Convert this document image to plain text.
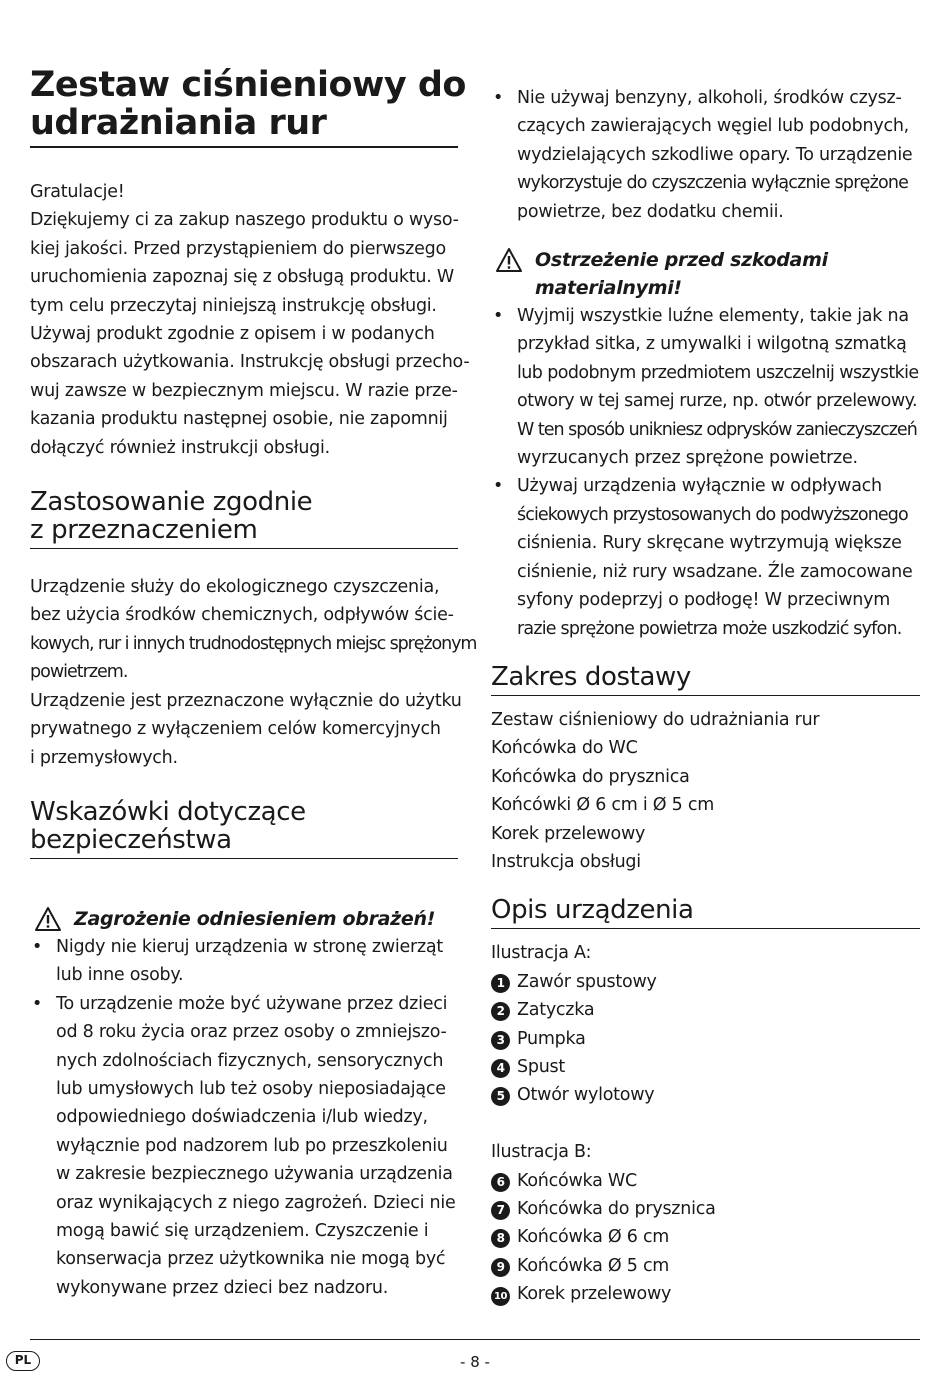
Zestaw ciśnieniowy do
udrażniania rur

Gratulacje!
Dziękujemy ci za zakup naszego produktu o wyso-
kiej jakości. Przed przystąpieniem do pierwszego
uruchomienia zapoznaj się z obsługą produktu. W
tym celu przeczytaj niniejszą instrukcję obsługi.
Używaj produkt zgodnie z opisem i w podanych
obszarach użytkowania. Instrukcję obsługi przecho-
wuj zawsze w bezpiecznym miejscu. W razie prze-
kazania produktu następnej osobie, nie zapomnij
dołączyć również instrukcji obsługi.

Zastosowanie zgodnie
z przeznaczeniem

Urządzenie służy do ekologicznego czyszczenia,
bez użycia środków chemicznych, odpływów ście-
kowych, rur i innych trudnodostępnych miejsc sprężonym
powietrzem.
Urządzenie jest przeznaczone wyłącznie do użytku
prywatnego z wyłączeniem celów komercyjnych
i przemysłowych.

Wskazówki dotyczące
bezpieczeństwa

Zagrożenie odniesieniem obrażeń!

• Nigdy nie kieruj urządzenia w stronę zwierząt
lub inne osoby.
• To urządzenie może być używane przez dzieci
od 8 roku życia oraz przez osoby o zmniejszo-
nych zdolnościach fizycznych, sensorycznych
lub umysłowych lub też osoby nieposiadające
odpowiedniego doświadczenia i/lub wiedzy,
wyłącznie pod nadzorem lub po przeszkoleniu
w zakresie bezpiecznego używania urządzenia
oraz wynikających z niego zagrożeń. Dzieci nie
mogą bawić się urządzeniem. Czyszczenie i
konserwacja przez użytkownika nie mogą być
wykonywane przez dzieci bez nadzoru.
• Nie używaj benzyny, alkoholi, środków czysz-
czących zawierających węgiel lub podobnych,
wydzielających szkodliwe opary. To urządzenie
wykorzystuje do czyszczenia wyłącznie sprężone
powietrze, bez dodatku chemii.

Ostrzeżenie przed szkodami
materialnymi!

• Wyjmij wszystkie luźne elementy, takie jak na
przykład sitka, z umywalki i wilgotną szmatką
lub podobnym przedmiotem uszczelnij wszystkie
otwory w tej samej rurze, np. otwór przelewowy.
W ten sposób unikniesz odprysków zanieczyszczeń
wyrzucanych przez sprężone powietrze.
• Używaj urządzenia wyłącznie w odpływach
ściekowych przystosowanych do podwyższonego
ciśnienia. Rury skręcane wytrzymują większe
ciśnienie, niż rury wsadzane. Źle zamocowane
syfony podeprzyj o podłogę! W przeciwnym
razie sprężone powietrza może uszkodzić syfon.
Zakres dostawy

Zestaw ciśnieniowy do udrażniania rur
Końcówka do WC
Końcówka do prysznica
Końcówki Ø 6 cm i Ø 5 cm
Korek przelewowy
Instrukcja obsługi

Opis urządzenia
Ilustracja A:
1 Zawór spustowy
2 Zatyczka
3 Pumpka
4 Spust
5 Otwór wylotowy
Ilustracja B:
6 Końcówka WC
7 Końcówka do prysznica
8 Końcówka Ø 6 cm
9 Końcówka Ø 5 cm
10 Korek przelewowy
PL	- 8 -
